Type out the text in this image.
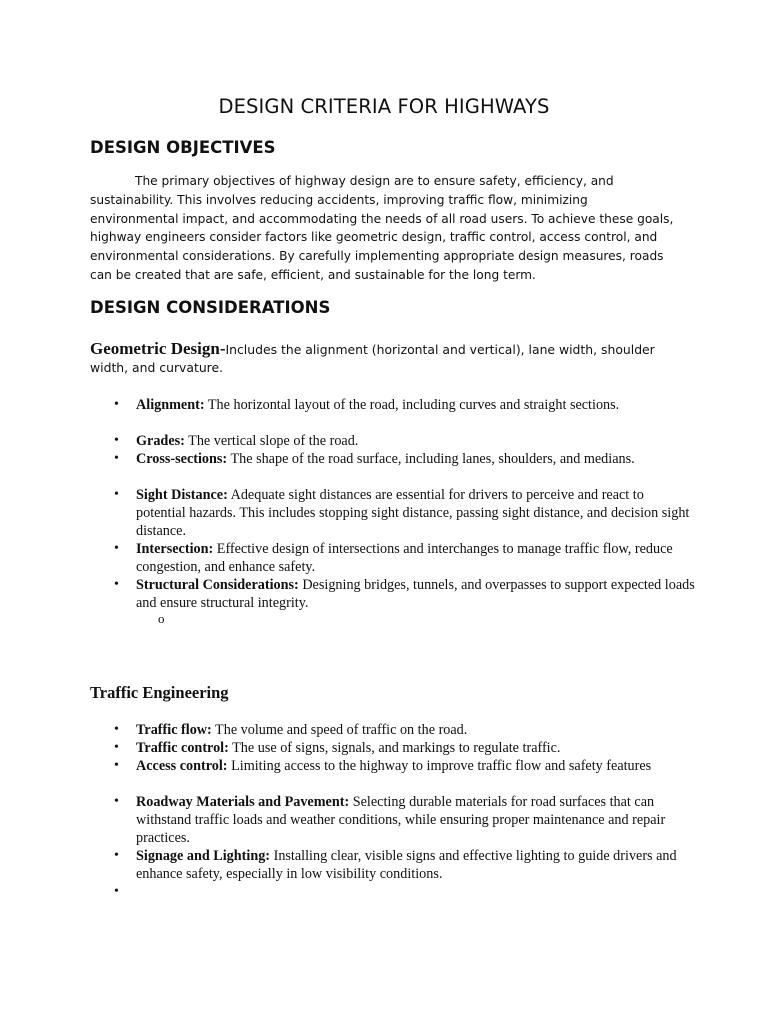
DESIGN CRITERIA FOR HIGHWAYS
DESIGN OBJECTIVES

The primary objectives of highway design are to ensure safety, efficiency, and sustainability. This involves reducing accidents, improving traffic flow, minimizing environmental impact, and accommodating the needs of all road users. To achieve these goals, highway engineers consider factors like geometric design, traffic control, access control, and environmental considerations. By carefully implementing appropriate design measures, roads can be created that are safe, efficient, and sustainable for the long term.

DESIGN CONSIDERATIONS
Geometric Design-Includes the alignment (horizontal and vertical), lane width, shoulder width, and curvature.
• Alignment: The horizontal layout of the road, including curves and straight sections.
• Grades: The vertical slope of the road.
• Cross-sections: The shape of the road surface, including lanes, shoulders, and medians.
• Sight Distance: Adequate sight distances are essential for drivers to perceive and react to potential hazards. This includes stopping sight distance, passing sight distance, and decision sight distance.
• Intersection: Effective design of intersections and interchanges to manage traffic flow, reduce congestion, and enhance safety.
• Structural Considerations: Designing bridges, tunnels, and overpasses to support expected loads and ensure structural integrity.
o
Traffic Engineering
• Traffic flow: The volume and speed of traffic on the road.
• Traffic control: The use of signs, signals, and markings to regulate traffic.
• Access control: Limiting access to the highway to improve traffic flow and safety features
• Roadway Materials and Pavement: Selecting durable materials for road surfaces that can withstand traffic loads and weather conditions, while ensuring proper maintenance and repair practices.
• Signage and Lighting: Installing clear, visible signs and effective lighting to guide drivers and enhance safety, especially in low visibility conditions.
•
